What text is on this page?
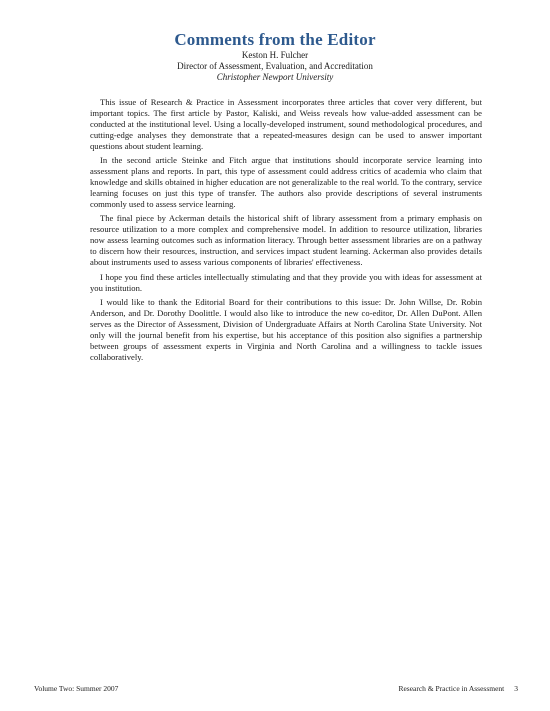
Comments from the Editor

Keston H. Fulcher

Director of Assessment, Evaluation, and Accreditation

Christopher Newport University

This issue of Research & Practice in Assessment incorporates three articles that cover very different, but important topics. The first article by Pastor, Kaliski, and Weiss reveals how value-added assessment can be conducted at the institutional level. Using a locally-developed instrument, sound methodological procedures, and cutting-edge analyses they demonstrate that a repeated-measures design can be used to answer important questions about student learning.

In the second article Steinke and Fitch argue that institutions should incorporate service learning into assessment plans and reports. In part, this type of assessment could address critics of academia who claim that knowledge and skills obtained in higher education are not generalizable to the real world. To the contrary, service learning focuses on just this type of transfer. The authors also provide descriptions of several instruments commonly used to assess service learning.

The final piece by Ackerman details the historical shift of library assessment from a primary emphasis on resource utilization to a more complex and comprehensive model. In addition to resource utilization, libraries now assess learning outcomes such as information literacy. Through better assessment libraries are on a pathway to discern how their resources, instruction, and services impact student learning. Ackerman also provides details about instruments used to assess various components of libraries' effectiveness.

I hope you find these articles intellectually stimulating and that they provide you with ideas for assessment at you institution.

I would like to thank the Editorial Board for their contributions to this issue: Dr. John Willse, Dr. Robin Anderson, and Dr. Dorothy Doolittle. I would also like to introduce the new co-editor, Dr. Allen DuPont. Allen serves as the Director of Assessment, Division of Undergraduate Affairs at North Carolina State University. Not only will the journal benefit from his expertise, but his acceptance of this position also signifies a partnership between groups of assessment experts in Virginia and North Carolina and a willingness to tackle issues collaboratively.

Volume Two: Summer 2007	Research & Practice in Assessment 3
